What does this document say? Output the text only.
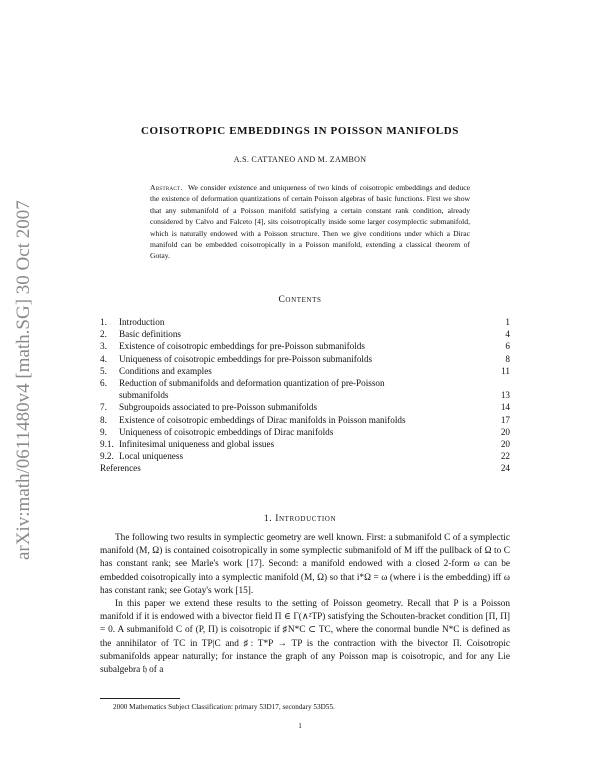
arXiv:math/0611480v4 [math.SG] 30 Oct 2007
COISOTROPIC EMBEDDINGS IN POISSON MANIFOLDS
A.S. CATTANEO AND M. ZAMBON
Abstract. We consider existence and uniqueness of two kinds of coisotropic embeddings and deduce the existence of deformation quantizations of certain Poisson algebras of basic functions. First we show that any submanifold of a Poisson manifold satisfying a certain constant rank condition, already considered by Calvo and Falceto [4], sits coisotropically inside some larger cosymplectic submanifold, which is naturally endowed with a Poisson structure. Then we give conditions under which a Dirac manifold can be embedded coisotropically in a Poisson manifold, extending a classical theorem of Gotay.
Contents
1.	Introduction	1
2.	Basic definitions	4
3.	Existence of coisotropic embeddings for pre-Poisson submanifolds	6
4.	Uniqueness of coisotropic embeddings for pre-Poisson submanifolds	8
5.	Conditions and examples	11
6.	Reduction of submanifolds and deformation quantization of pre-Poisson
submanifolds	13
7.	Subgroupoids associated to pre-Poisson submanifolds	14
8.	Existence of coisotropic embeddings of Dirac manifolds in Poisson manifolds	17
9.	Uniqueness of coisotropic embeddings of Dirac manifolds	20
9.1. Infinitesimal uniqueness and global issues	20
9.2. Local uniqueness	22
References	24
1. Introduction

The following two results in symplectic geometry are well known. First: a submanifold C of a symplectic manifold (M, Ω) is contained coisotropically in some symplectic submanifold of M iff the pullback of Ω to C has constant rank; see Marle's work [17]. Second: a manifold endowed with a closed 2-form ω can be embedded coisotropically into a symplectic manifold (M, Ω) so that i*Ω = ω (where i is the embedding) iff ω has constant rank; see Gotay's work [15].

In this paper we extend these results to the setting of Poisson geometry. Recall that P is a Poisson manifold if it is endowed with a bivector field Π ∈ Γ(∧²TP) satisfying the Schouten-bracket condition [Π, Π] = 0. A submanifold C of (P, Π) is coisotropic if ♯N*C ⊂ TC, where the conormal bundle N*C is defined as the annihilator of TC in TP|C and ♯: T*P → TP is the contraction with the bivector Π. Coisotropic submanifolds appear naturally; for instance the graph of any Poisson map is coisotropic, and for any Lie subalgebra 𝔥 of a

2000 Mathematics Subject Classification: primary 53D17, secondary 53D55.
1
